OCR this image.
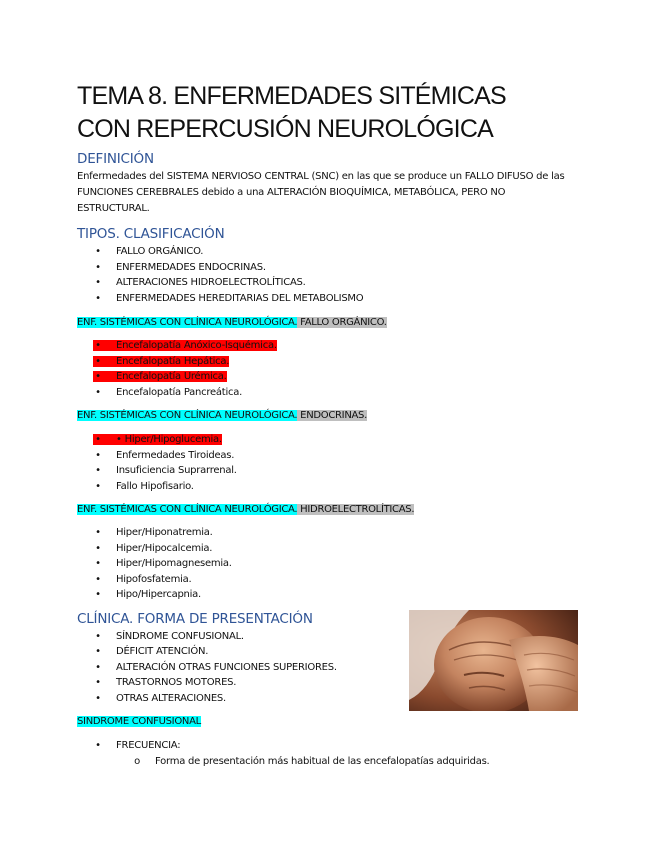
TEMA 8. ENFERMEDADES SITÉMICAS CON REPERCUSIÓN NEUROLÓGICA
DEFINICIÓN

Enfermedades del SISTEMA NERVIOSO CENTRAL (SNC) en las que se produce un FALLO DIFUSO de las FUNCIONES CEREBRALES debido a una ALTERACIÓN BIOQUÍMICA, METABÓLICA, PERO NO ESTRUCTURAL.

TIPOS. CLASIFICACIÓN
• FALLO ORGÁNICO.
• ENFERMEDADES ENDOCRINAS.
• ALTERACIONES HIDROELECTROLÍTICAS.
• ENFERMEDADES HEREDITARIAS DEL METABOLISMO

ENF. SISTÉMICAS CON CLÍNICA NEUROLÓGICA. FALLO ORGÁNICO.

• Encefalopatía Anóxico-Isquémica.
• Encefalopatía Hepática.
• Encefalopatía Urémica.
• Encefalopatía Pancreática.

ENF. SISTÉMICAS CON CLÍNICA NEUROLÓGICA. ENDOCRINAS.

• • Hiper/Hipoglucemia.
• Enfermedades Tiroideas.
• Insuficiencia Suprarrenal.
• Fallo Hipofisario.

ENF. SISTÉMICAS CON CLÍNICA NEUROLÓGICA. HIDROELECTROLÍTICAS.

• Hiper/Hiponatremia.
• Hiper/Hipocalcemia.
• Hiper/Hipomagnesemia.
• Hipofosfatemia.
• Hipo/Hipercapnia.
CLÍNICA. FORMA DE PRESENTACIÓN
• SÍNDROME CONFUSIONAL.
• DÉFICIT ATENCIÓN.
• ALTERACIÓN OTRAS FUNCIONES SUPERIORES.
• TRASTORNOS MOTORES.
• OTRAS ALTERACIONES.

SINDROME CONFUSIONAL

• FRECUENCIA:
o Forma de presentación más habitual de las encefalopatías adquiridas.
